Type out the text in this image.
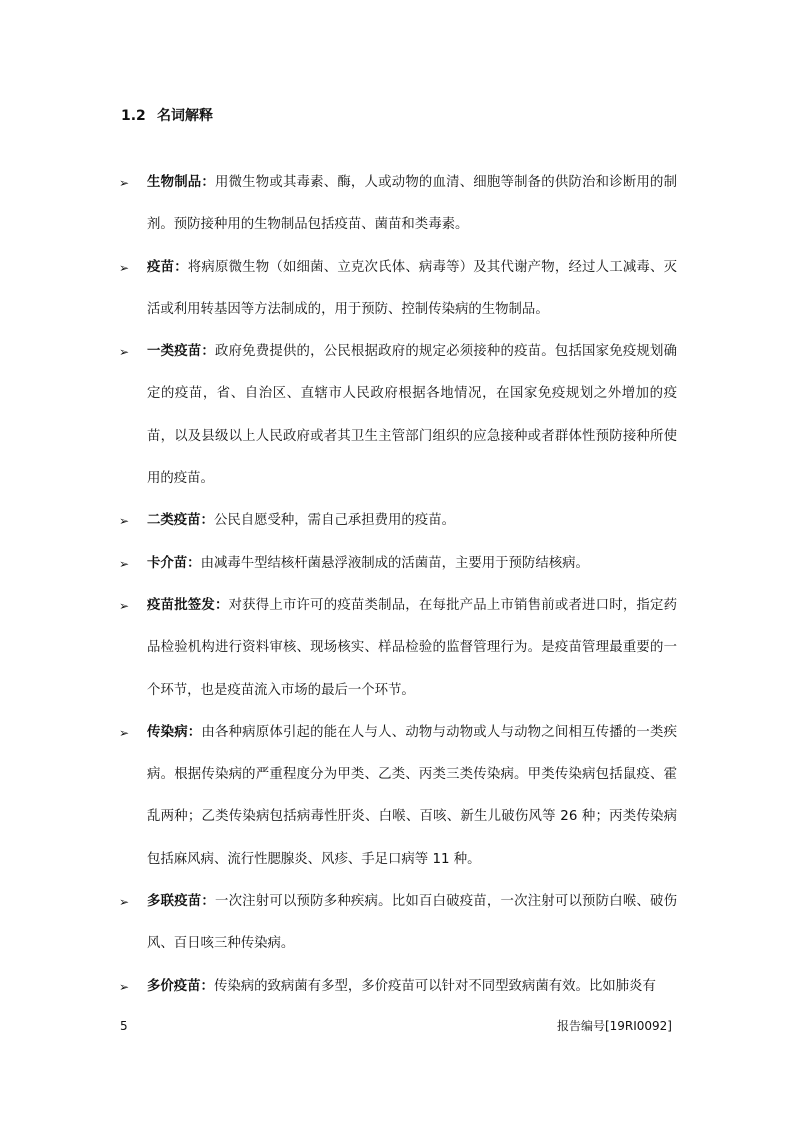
1.2 名词解释
➢ 生物制品：用微生物或其毒素、酶，人或动物的血清、细胞等制备的供防治和诊断用的制剂。预防接种用的生物制品包括疫苗、菌苗和类毒素。
➢ 疫苗：将病原微生物（如细菌、立克次氏体、病毒等）及其代谢产物，经过人工减毒、灭活或利用转基因等方法制成的，用于预防、控制传染病的生物制品。
➢ 一类疫苗：政府免费提供的，公民根据政府的规定必须接种的疫苗。包括国家免疫规划确定的疫苗，省、自治区、直辖市人民政府根据各地情况，在国家免疫规划之外增加的疫苗，以及县级以上人民政府或者其卫生主管部门组织的应急接种或者群体性预防接种所使用的疫苗。
➢ 二类疫苗：公民自愿受种，需自己承担费用的疫苗。
➢ 卡介苗：由减毒牛型结核杆菌悬浮液制成的活菌苗，主要用于预防结核病。
➢ 疫苗批签发：对获得上市许可的疫苗类制品，在每批产品上市销售前或者进口时，指定药品检验机构进行资料审核、现场核实、样品检验的监督管理行为。是疫苗管理最重要的一个环节，也是疫苗流入市场的最后一个环节。
➢ 传染病：由各种病原体引起的能在人与人、动物与动物或人与动物之间相互传播的一类疾病。根据传染病的严重程度分为甲类、乙类、丙类三类传染病。甲类传染病包括鼠疫、霍乱两种；乙类传染病包括病毒性肝炎、白喉、百咳、新生儿破伤风等 26 种；丙类传染病包括麻风病、流行性腮腺炎、风疹、手足口病等 11 种。
➢ 多联疫苗：一次注射可以预防多种疾病。比如百白破疫苗，一次注射可以预防白喉、破伤风、百日咳三种传染病。
➢ 多价疫苗：传染病的致病菌有多型，多价疫苗可以针对不同型致病菌有效。比如肺炎有
5	报告编号[19RI0092]
